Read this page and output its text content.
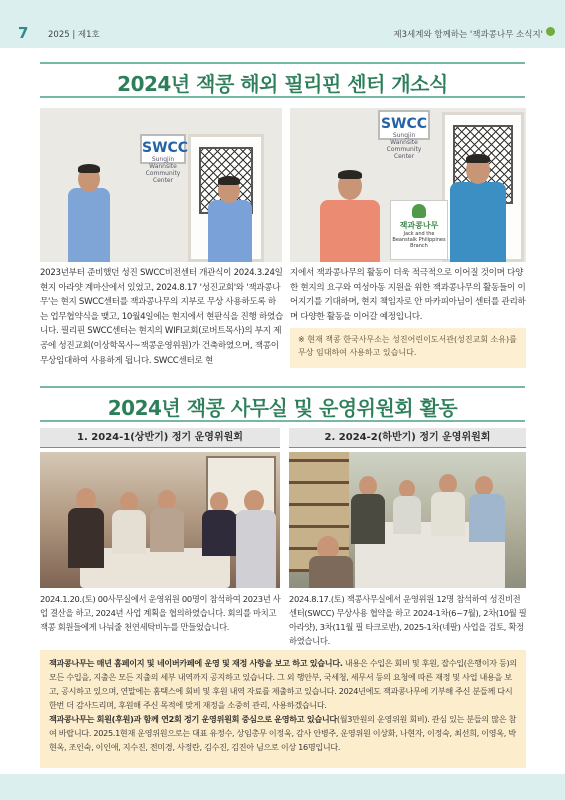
7 2025 | 제1호	제3세계와 함께하는 '잭과콩나무 소식지'
2024년 잭콩 해외 필리핀 센터 개소식
SWCC
Sungjin Wannsite Community Center
SWCC
Sungjin Wannsite Community Center
잭과콩나무
Jack and the Beanstalk Philippines Branch
2023년부터 준비했던 성진 SWCC비전센터 개관식이 2024.3.24일 현지 아라얏 계마산에서 있었고, 2024.8.17 '성진교회'와 '잭과콩나무'는 현지 SWCC센터를 잭과콩나무의 지부로 무상 사용하도록 하는 업무협약식을 맺고, 10월4일에는 현지에서 현판식을 진행 하였습니다. 필리핀 SWCC센터는 현지의 WIFI교회(로버트목사)의 부지 제공에 성진교회(이상학목사~잭콩운영위원)가 건축하였으며, 잭콩이 무상임대하여 사용하게 됩니다. SWCC센터로 현
지에서 잭과콩나무의 활동이 더욱 적극적으로 이어질 것이며 다양한 현지의 요구와 여성아동 지원을 위한 잭과콩나무의 활동들이 이어지기를 기대하며, 현지 책임자로 안 마카피아님이 센터를 관리하며 다양한 활동을 이어갈 예정입니다.
※ 현재 잭콩 한국사무소는 성진어린이도서관(성진교회 소유)를 무상 임대하여 사용하고 있습니다.
2024년 잭콩 사무실 및 운영위원회 활동
1. 2024-1(상반기) 정기 운영위원회	2. 2024-2(하반기) 정기 운영위원회
2024.1.20.(토) 00사무실에서 운영위원 00명이 참석하여 2023년 사업 결산을 하고, 2024년 사업 계획을 협의하였습니다. 회의를 마치고 잭콩 회원들에게 나눠줄 천연세탁비누를 만들었습니다.
2024.8.17.(토) 잭콩사무실에서 운영위원 12명 참석하여 성진비전센터(SWCC) 무상사용 협약을 하고 2024-1차(6~7월), 2차(10월 필 아라얏), 3차(11월 필 타크로반), 2025-1차(네팔) 사업을 검토, 확정하였습니다.

잭과콩나무는 매년 홈페이지 및 네이버카페에 운영 및 재정 사항을 보고 하고 있습니다. 내용은 수입은 회비 및 후원, 잡수입(은행이자 등)의 모든 수입을, 지출은 모든 지출의 세부 내역까지 공지하고 있습니다. 그 외 행안부, 국세청, 세무서 등의 요청에 따른 재정 및 사업 내용을 보고, 공시하고 있으며, 연말에는 홈택스에 회비 및 후원 내역 자료를 제출하고 있습니다. 2024년에도 잭과콩나무에 기부해 주신 분들께 다시 한번 더 감사드리며, 후원해 주신 목적에 맞게 재정을 소중히 관리, 사용하겠습니다.

잭과콩나무는 회원(후원)과 함께 연2회 정기 운영위원회 중심으로 운영하고 있습니다(월3만원의 운영위원 회비). 관심 있는 분들의 많은 참여 바랍니다. 2025.1현재 운영위원으로는 대표 유정수, 상임총무 이정욱, 감사 안병주, 운영위원 이상화, 나현자, 이정숙, 최선희, 이영옥, 박현옥, 조인숙, 이인애, 지수진, 전미경, 사정란, 김수진, 김진아 님으로 이상 16명입니다.
